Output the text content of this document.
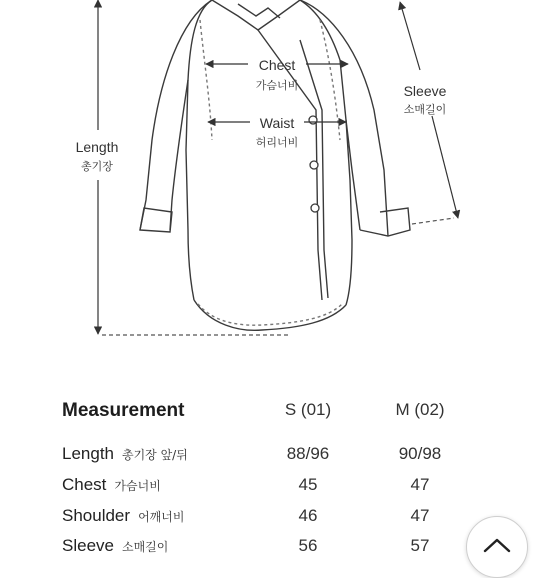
Chest
가슴너비
Waist
허리너비
Length
총기장
Sleeve
소매길이
Measurement	S (01)	M (02)
Length 총기장 앞/뒤	88/96	90/98
Chest 가슴너비	45	47
Shoulder 어깨너비	46	47
Sleeve 소매길이	56	57
